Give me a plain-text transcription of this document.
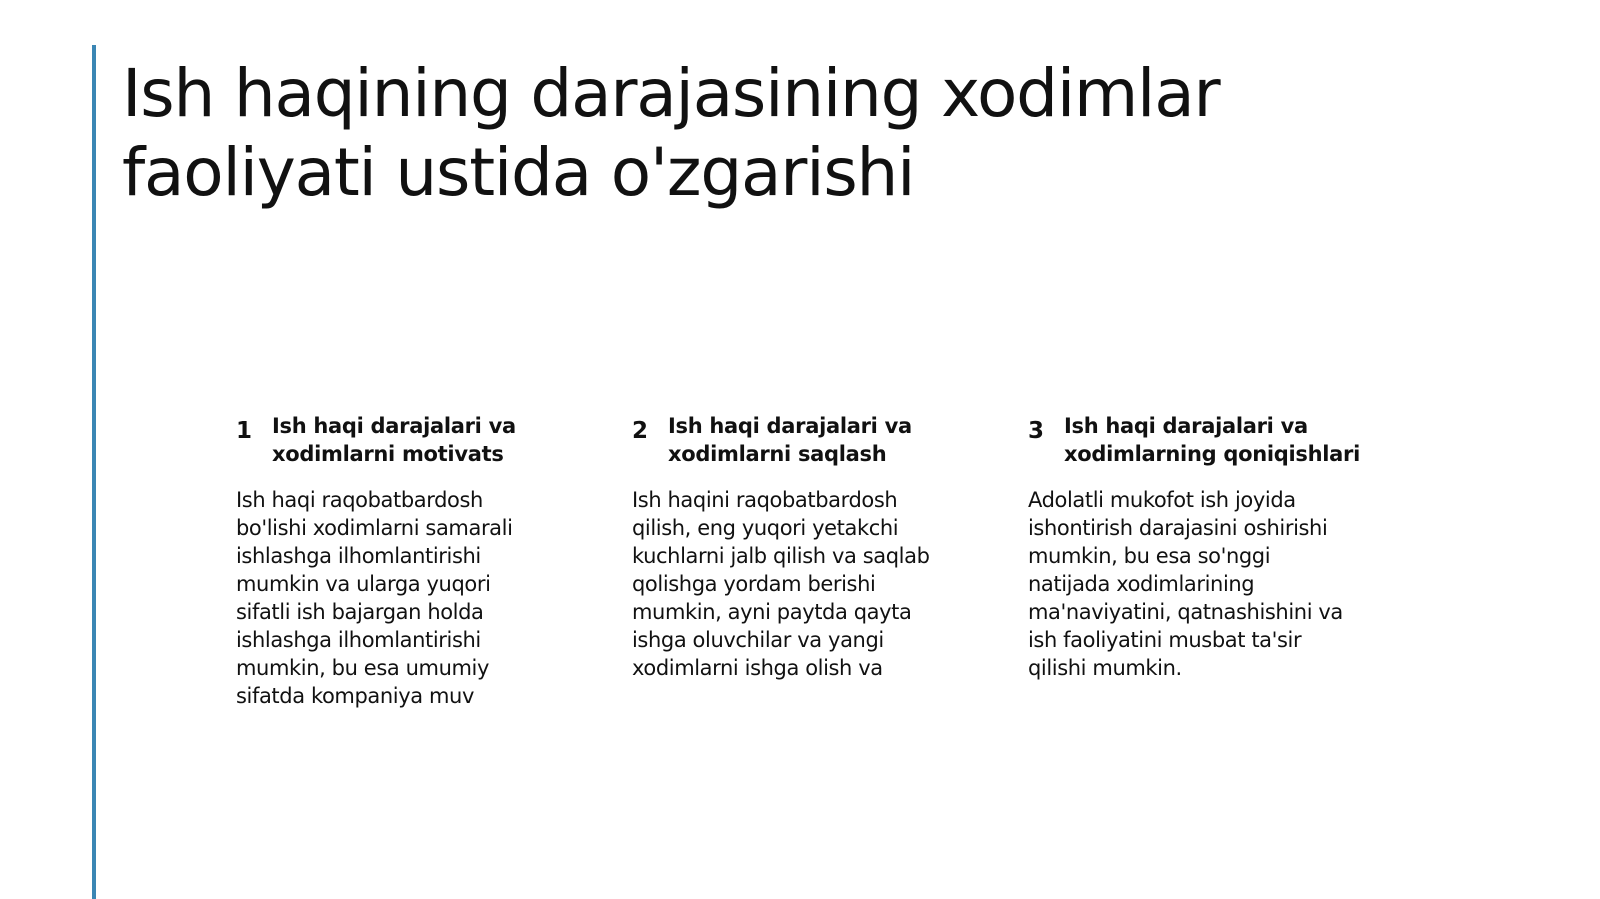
Ish haqining darajasining xodimlar
faoliyati ustida o'zgarishi
1 Ish haqi darajalari va xodimlarni motivats
Ish haqi raqobatbardosh
bo'lishi xodimlarni samarali
ishlashga ilhomlantirishi
mumkin va ularga yuqori
sifatli ish bajargan holda
ishlashga ilhomlantirishi
mumkin, bu esa umumiy
sifatda kompaniya muv
2 Ish haqi darajalari va xodimlarni saqlash
Ish haqini raqobatbardosh
qilish, eng yuqori yetakchi
kuchlarni jalb qilish va saqlab
qolishga yordam berishi
mumkin, ayni paytda qayta
ishga oluvchilar va yangi
xodimlarni ishga olish va
3 Ish haqi darajalari va xodimlarning qoniqishlari
Adolatli mukofot ish joyida
ishontirish darajasini oshirishi
mumkin, bu esa so'nggi
natijada xodimlarining
ma'naviyatini, qatnashishini va
ish faoliyatini musbat ta'sir
qilishi mumkin.
